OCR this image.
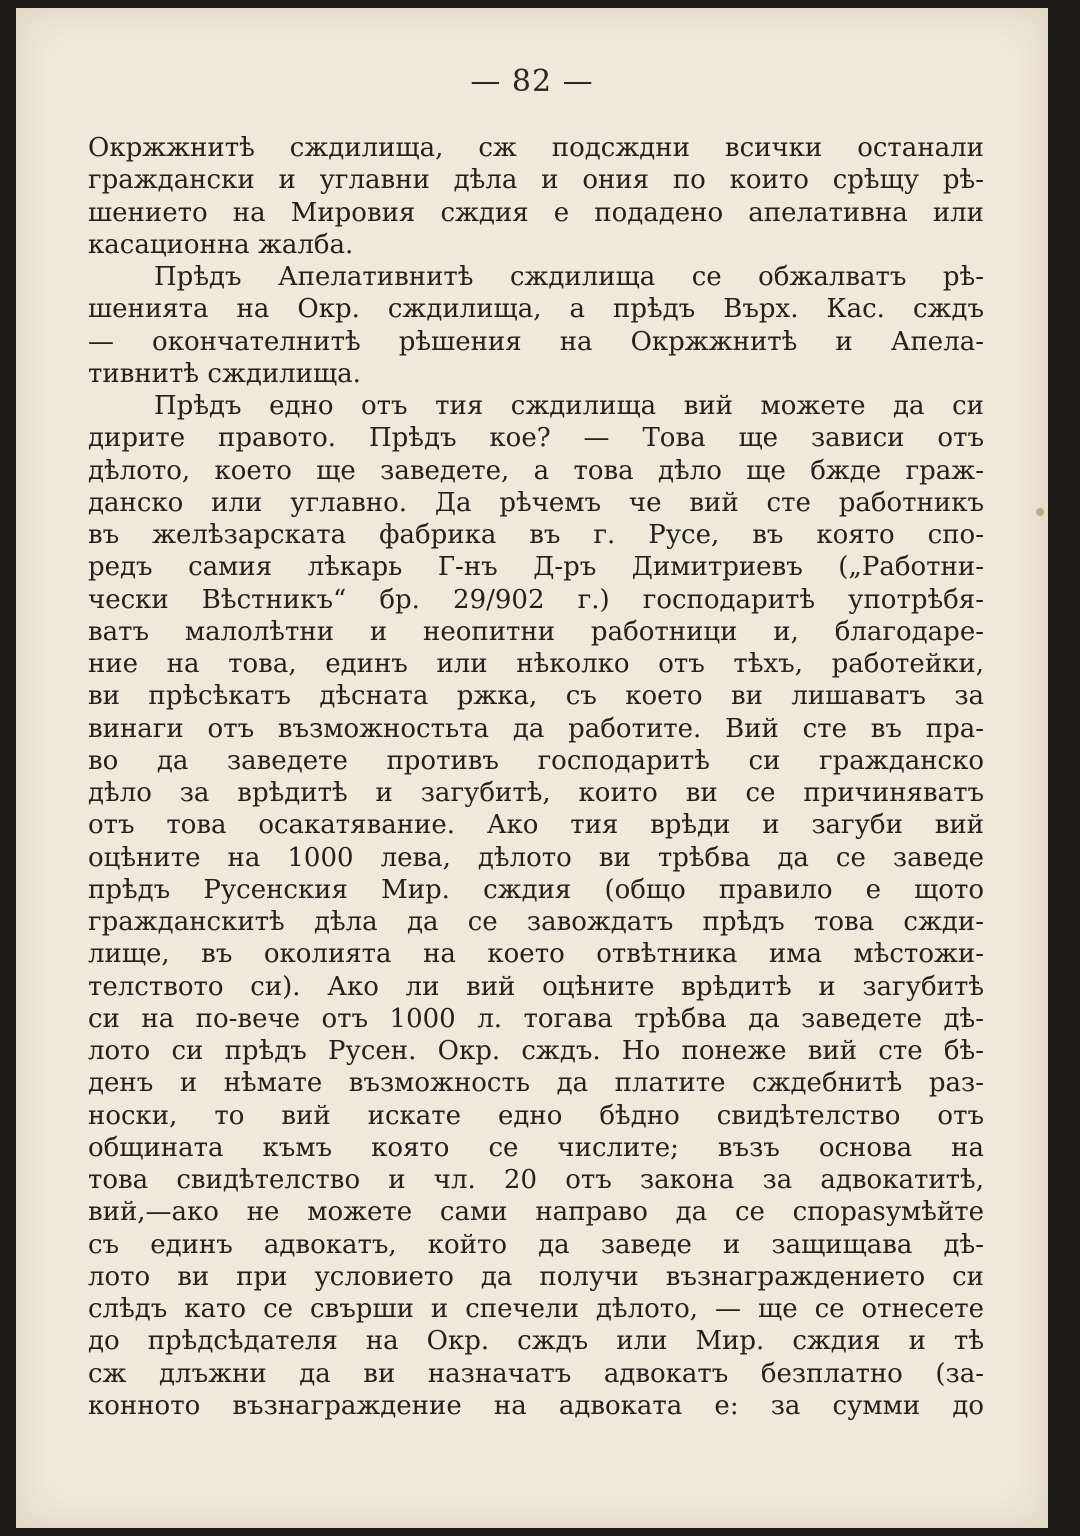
— 82 —
Окржжнитѣ сждилища, сж подсждни всички останали
граждански и углавни дѣла и ония по които срѣщу рѣ-
шението на Мировия сждия е подадено апелативна или
касационна жалба.
Прѣдъ Апелативнитѣ сждилища се обжалватъ рѣ-
шенията на Окр. сждилища, а прѣдъ Върх. Кас. сждъ
— окончателнитѣ рѣшения на Окржжнитѣ и Апела-
тивнитѣ сждилища.
Прѣдъ едно отъ тия сждилища вий можете да си
дирите правото. Прѣдъ кое? — Това ще зависи отъ
дѣлото, което ще заведете, а това дѣло ще бжде граж-
данско или углавно. Да рѣчемъ че вий сте работникъ
въ желѣзарската фабрика въ г. Русе, въ която спо-
редъ самия лѣкарь Г-нъ Д-ръ Димитриевъ („Работни-
чески Вѣстникъ“ бр. 29/902 г.) господаритѣ употрѣбя-
ватъ малолѣтни и неопитни работници и, благодаре-
ние на това, единъ или нѣколко отъ тѣхъ, работейки,
ви прѣсѣкатъ дѣсната ржка, съ което ви лишаватъ за
винаги отъ възможностьта да работите. Вий сте въ пра-
во да заведете противъ господаритѣ си гражданско
дѣло за врѣдитѣ и загубитѣ, които ви се причиняватъ
отъ това осакатявание. Ако тия врѣди и загуби вий
оцѣните на 1000 лева, дѣлото ви трѣбва да се заведе
прѣдъ Русенския Мир. сждия (общо правило е щото
гражданскитѣ дѣла да се завождатъ прѣдъ това сжди-
лище, въ околията на което отвѣтника има мѣстожи-
телството си). Ако ли вий оцѣните врѣдитѣ и загубитѣ
си на по-вече отъ 1000 л. тогава трѣбва да заведете дѣ-
лото си прѣдъ Русен. Окр. сждъ. Но понеже вий сте бѣ-
денъ и нѣмате възможность да платите сждебнитѣ раз-
носки, то вий искате едно бѣдно свидѣтелство отъ
общината къмъ която се числите; възъ основа на
това свидѣтелство и чл. 20 отъ закона за адвокатитѣ,
вий,—ако не можете сами направо да се спораѕумѣйте
съ единъ адвокатъ, който да заведе и защищава дѣ-
лото ви при условието да получи възнаграждението си
слѣдъ като се свърши и спечели дѣлото, — ще се отнесете
до прѣдсѣдателя на Окр. сждъ или Мир. сждия и тѣ
сж длъжни да ви назначатъ адвокатъ безплатно (за-
конното възнаграждение на адвоката е: за сумми до
